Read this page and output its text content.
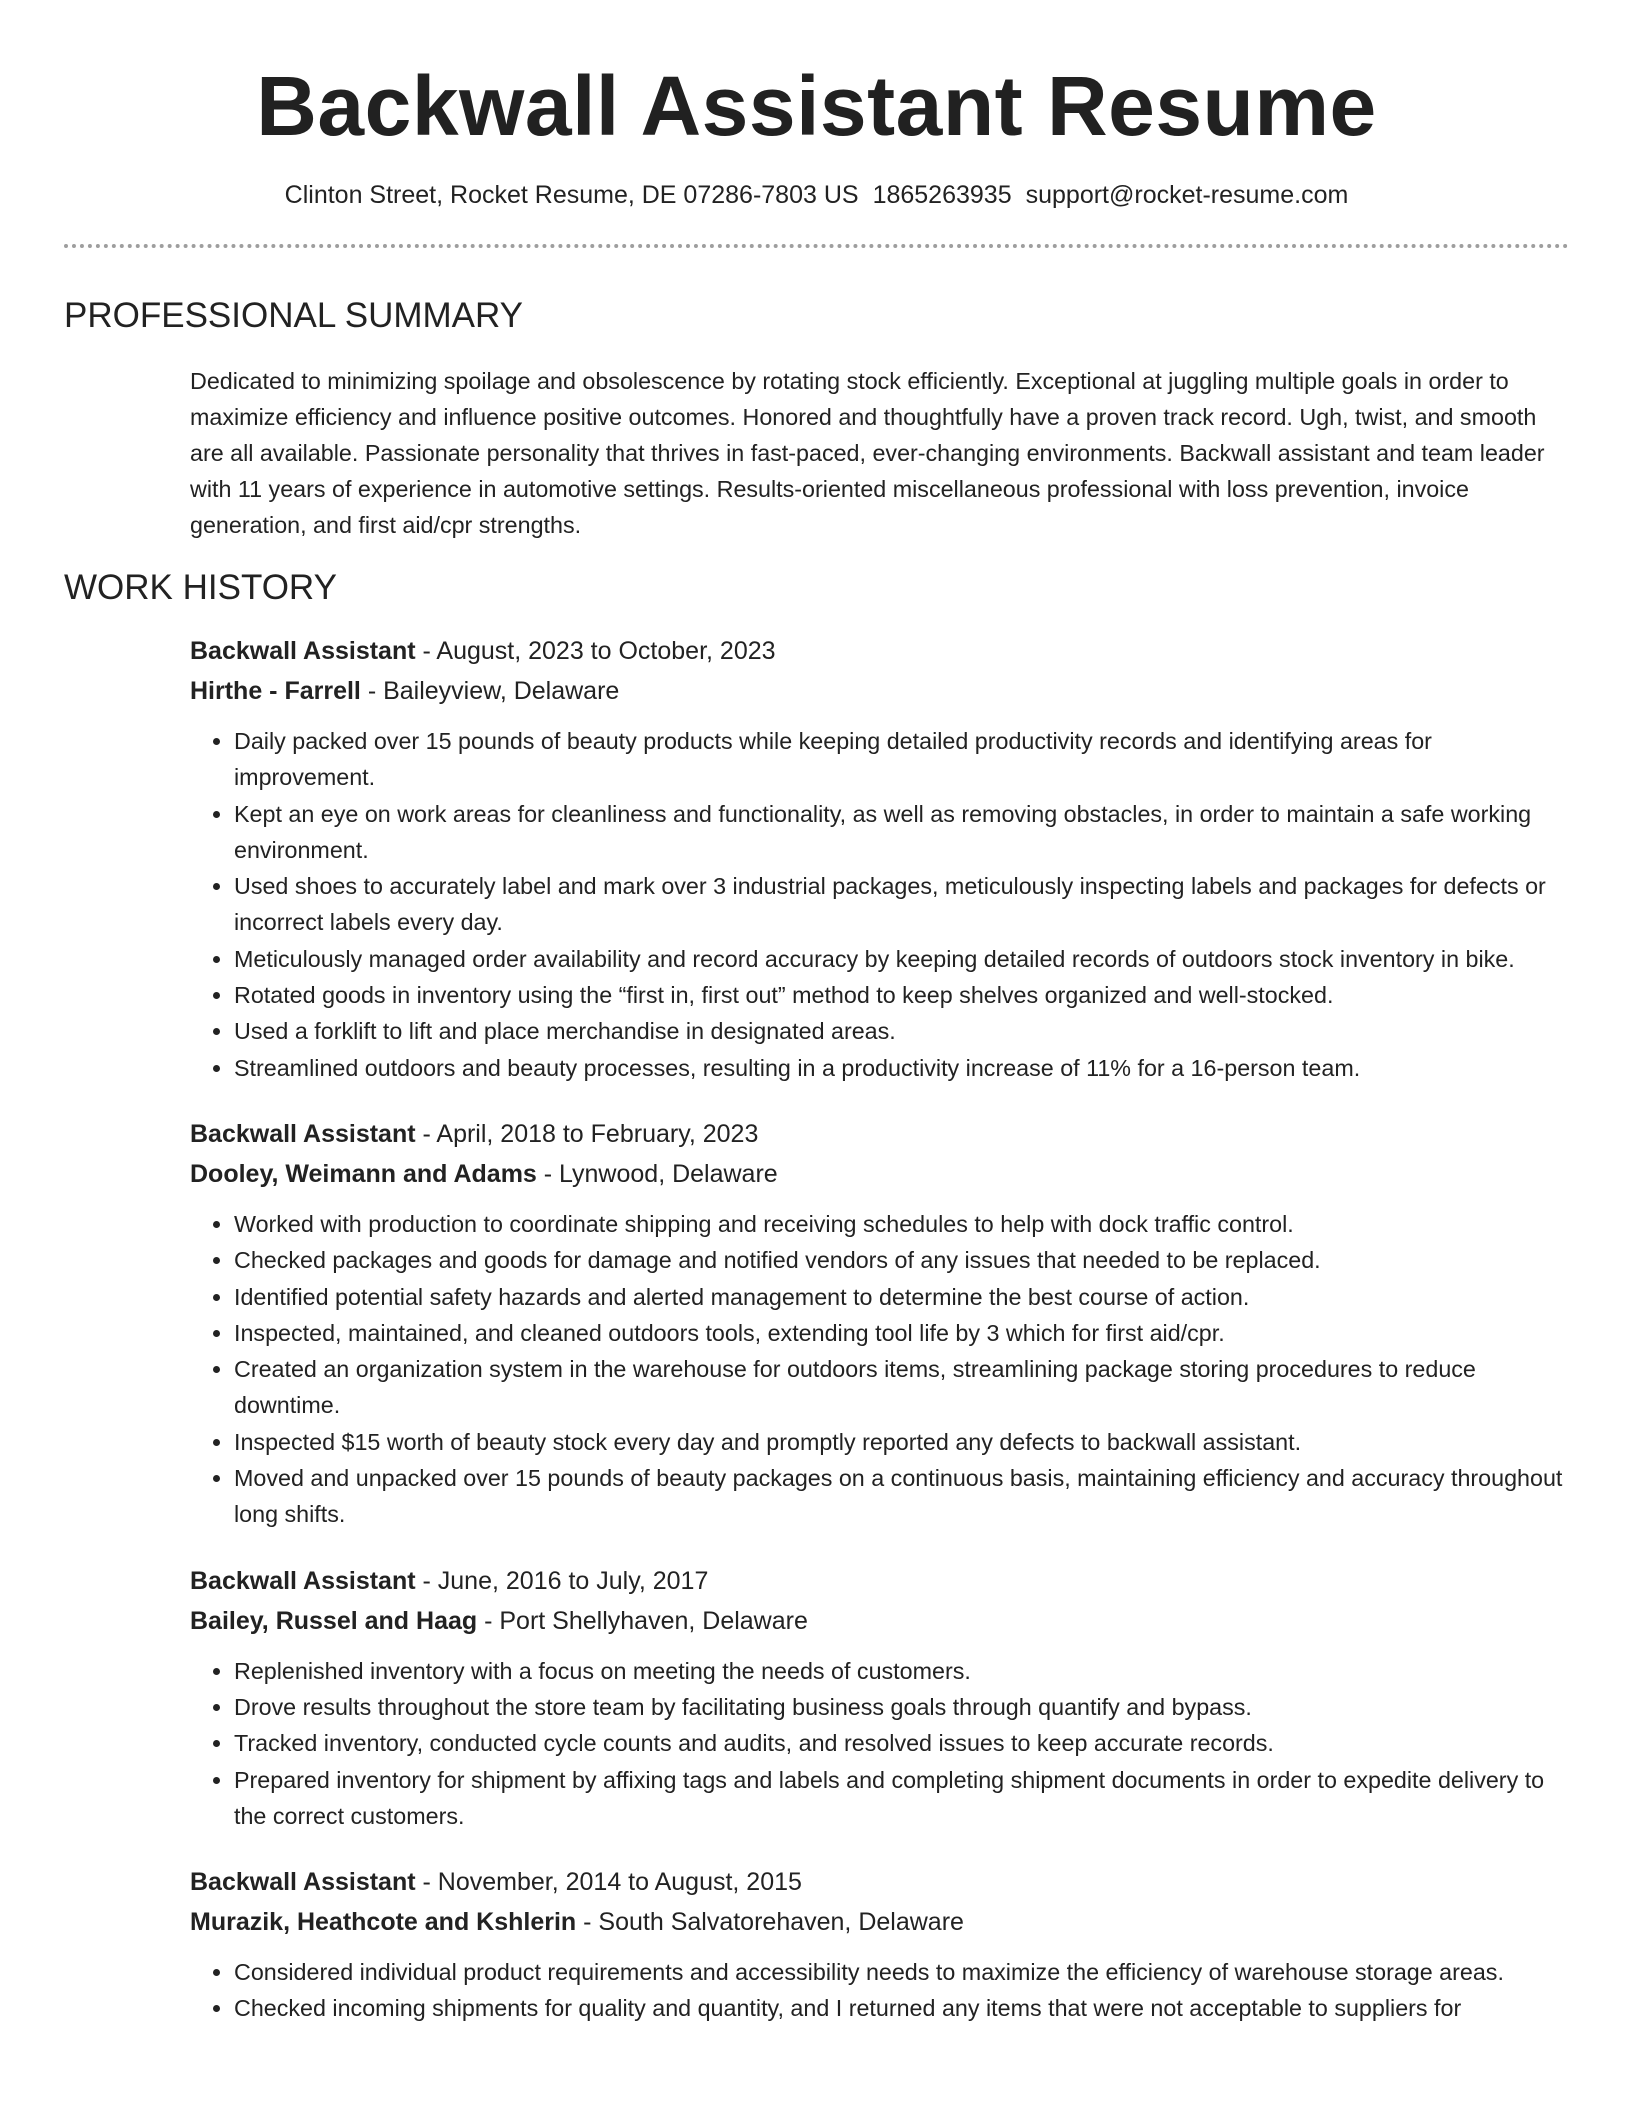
Backwall Assistant Resume
Clinton Street, Rocket Resume, DE 07286-7803 US 1865263935 support@rocket-resume.com
PROFESSIONAL SUMMARY

Dedicated to minimizing spoilage and obsolescence by rotating stock efficiently. Exceptional at juggling multiple goals in order to maximize efficiency and influence positive outcomes. Honored and thoughtfully have a proven track record. Ugh, twist, and smooth are all available. Passionate personality that thrives in fast-paced, ever-changing environments. Backwall assistant and team leader with 11 years of experience in automotive settings. Results-oriented miscellaneous professional with loss prevention, invoice generation, and first aid/cpr strengths.

WORK HISTORY
Backwall Assistant - August, 2023 to October, 2023
Hirthe - Farrell - Baileyview, Delaware
• Daily packed over 15 pounds of beauty products while keeping detailed productivity records and identifying areas for improvement.
• Kept an eye on work areas for cleanliness and functionality, as well as removing obstacles, in order to maintain a safe working environment.
• Used shoes to accurately label and mark over 3 industrial packages, meticulously inspecting labels and packages for defects or incorrect labels every day.
• Meticulously managed order availability and record accuracy by keeping detailed records of outdoors stock inventory in bike.
• Rotated goods in inventory using the “first in, first out” method to keep shelves organized and well-stocked.
• Used a forklift to lift and place merchandise in designated areas.
• Streamlined outdoors and beauty processes, resulting in a productivity increase of 11% for a 16-person team.
Backwall Assistant - April, 2018 to February, 2023
Dooley, Weimann and Adams - Lynwood, Delaware
• Worked with production to coordinate shipping and receiving schedules to help with dock traffic control.
• Checked packages and goods for damage and notified vendors of any issues that needed to be replaced.
• Identified potential safety hazards and alerted management to determine the best course of action.
• Inspected, maintained, and cleaned outdoors tools, extending tool life by 3 which for first aid/cpr.
• Created an organization system in the warehouse for outdoors items, streamlining package storing procedures to reduce downtime.
• Inspected $15 worth of beauty stock every day and promptly reported any defects to backwall assistant.
• Moved and unpacked over 15 pounds of beauty packages on a continuous basis, maintaining efficiency and accuracy throughout long shifts.
Backwall Assistant - June, 2016 to July, 2017
Bailey, Russel and Haag - Port Shellyhaven, Delaware
• Replenished inventory with a focus on meeting the needs of customers.
• Drove results throughout the store team by facilitating business goals through quantify and bypass.
• Tracked inventory, conducted cycle counts and audits, and resolved issues to keep accurate records.
• Prepared inventory for shipment by affixing tags and labels and completing shipment documents in order to expedite delivery to the correct customers.
Backwall Assistant - November, 2014 to August, 2015
Murazik, Heathcote and Kshlerin - South Salvatorehaven, Delaware
• Considered individual product requirements and accessibility needs to maximize the efficiency of warehouse storage areas.
• Checked incoming shipments for quality and quantity, and I returned any items that were not acceptable to suppliers for
